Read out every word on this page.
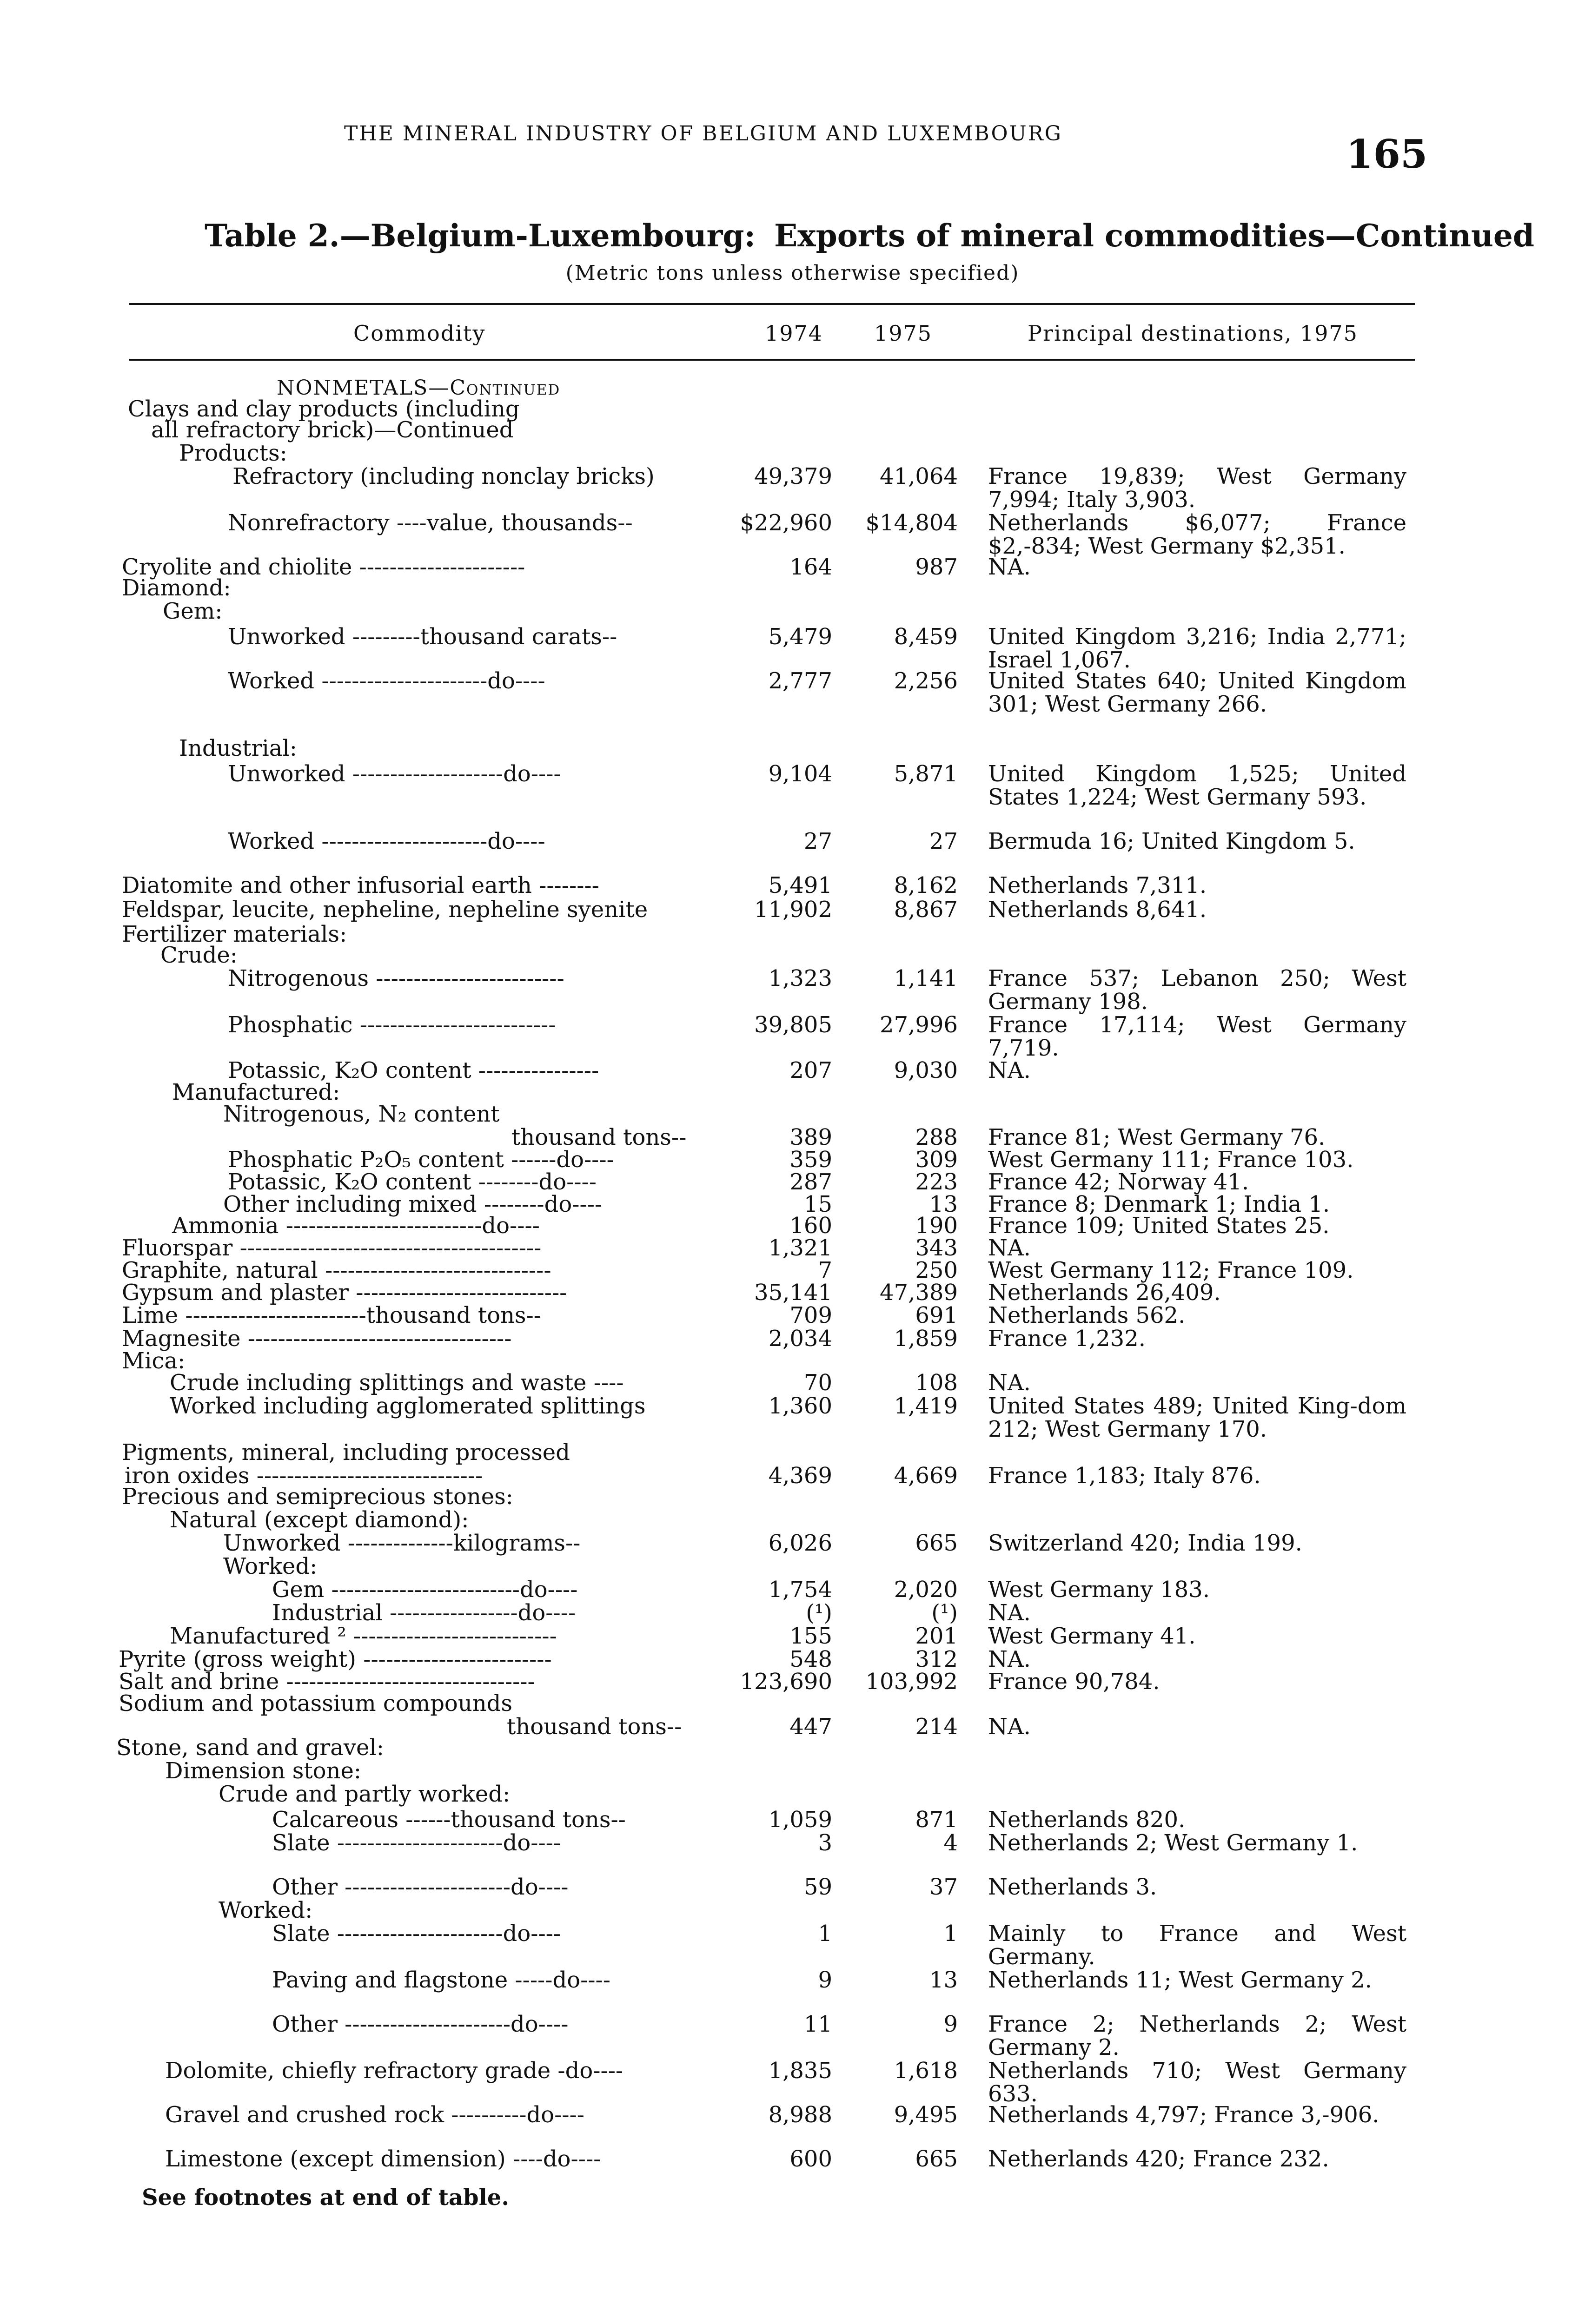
THE MINERAL INDUSTRY OF BELGIUM AND LUXEMBOURG	165
Table 2.—Belgium-Luxembourg: Exports of mineral commodities—Continued
(Metric tons unless otherwise specified)
Commodity	1974 1975	Principal destinations, 1975
NONMETALS—Continued
Clays and clay products (including
all refractory brick)—Continued
Products:
Refractory (including nonclay bricks)	49,379	41,064 France 19,839; West Germany 7,994; Italy 3,903.
Nonrefractory ----value, thousands--	$22,960	$14,804 Netherlands $6,077; France $2,-834; West Germany $2,351.
Cryolite and chiolite ----------------------	164	987 NA.
Diamond:
Gem:
Unworked ---------thousand carats--	5,479	8,459 United Kingdom 3,216; India 2,771; Israel 1,067.
Worked ----------------------do----	2,777	2,256 United States 640; United Kingdom 301; West Germany 266.
Industrial:
Unworked --------------------do----	9,104	5,871 United Kingdom 1,525; United States 1,224; West Germany 593.
Worked ----------------------do----	27	27 Bermuda 16; United Kingdom 5.
Diatomite and other infusorial earth --------	5,491	8,162 Netherlands 7,311.
Feldspar, leucite, nepheline, nepheline syenite	11,902	8,867 Netherlands 8,641.
Fertilizer materials:
Crude:
Nitrogenous -------------------------	1,323	1,141 France 537; Lebanon 250; West Germany 198.
Phosphatic --------------------------	39,805	27,996 France 17,114; West Germany 7,719.
Potassic, K₂O content ----------------	207	9,030 NA.
Manufactured:
Nitrogenous, N₂ content
thousand tons--	389	288 France 81; West Germany 76.
Phosphatic P₂O₅ content ------do----	359	309 West Germany 111; France 103.
Potassic, K₂O content --------do----	287	223 France 42; Norway 41.
Other including mixed --------do----	15	13 France 8; Denmark 1; India 1.
Ammonia --------------------------do----	160	190 France 109; United States 25.
Fluorspar ----------------------------------------	1,321	343 NA.
Graphite, natural ------------------------------	7	250 West Germany 112; France 109.
Gypsum and plaster ----------------------------	35,141	47,389 Netherlands 26,409.
Lime ------------------------thousand tons--	709	691 Netherlands 562.
Magnesite -----------------------------------	2,034	1,859 France 1,232.
Mica:
Crude including splittings and waste ----	70	108 NA.
Worked including agglomerated splittings	1,360	1,419 United States 489; United King-dom 212; West Germany 170.
Pigments, mineral, including processed
iron oxides ------------------------------	4,369	4,669 France 1,183; Italy 876.
Precious and semiprecious stones:
Natural (except diamond):
Unworked --------------kilograms--	6,026	665 Switzerland 420; India 199.
Worked:
Gem -------------------------do----	1,754	2,020 West Germany 183.
Industrial -----------------do----	(¹)	(¹) NA.
Manufactured ² ---------------------------	155	201 West Germany 41.
Pyrite (gross weight) -------------------------	548	312 NA.
Salt and brine ---------------------------------	123,690	103,992 France 90,784.
Sodium and potassium compounds
thousand tons--	447	214 NA.
Stone, sand and gravel:
Dimension stone:
Crude and partly worked:
Calcareous ------thousand tons--	1,059	871 Netherlands 820.
Slate ----------------------do----	3	4 Netherlands 2; West Germany 1.
Other ----------------------do----	59	37 Netherlands 3.
Worked:
Slate ----------------------do----	1	1 Mainly to France and West Germany.
Paving and flagstone -----do----	9	13 Netherlands 11; West Germany 2.
Other ----------------------do----	11	9 France 2; Netherlands 2; West Germany 2.
Dolomite, chiefly refractory grade -do----	1,835	1,618 Netherlands 710; West Germany 633.
Gravel and crushed rock ----------do----	8,988	9,495 Netherlands 4,797; France 3,-906.
Limestone (except dimension) ----do----	600	665 Netherlands 420; France 232.
See footnotes at end of table.
